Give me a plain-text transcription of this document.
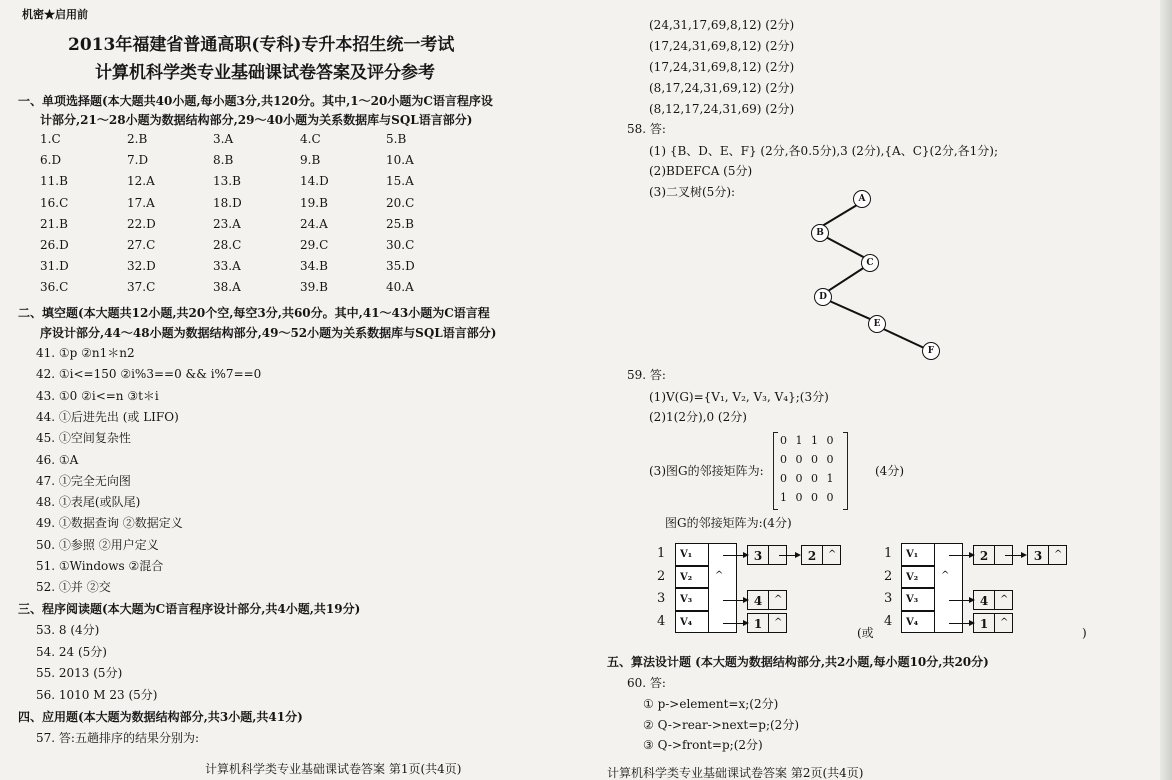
机密★启用前
2013年福建省普通高职(专科)专升本招生统一考试
计算机科学类专业基础课试卷答案及评分参考
一、单项选择题(本大题共40小题,每小题3分,共120分。其中,1～20小题为C语言程序设
计部分,21～28小题为数据结构部分,29～40小题为关系数据库与SQL语言部分)
1.C	2.B	3.A	4.C	5.B
6.D	7.D	8.B	9.B	10.A
11.B	12.A	13.B	14.D	15.A
16.C	17.A	18.D	19.B	20.C
21.B	22.D	23.A	24.A	25.B
26.D	27.C	28.C	29.C	30.C
31.D	32.D	33.A	34.B	35.D
36.C	37.C	38.A	39.B	40.A
二、填空题(本大题共12小题,共20个空,每空3分,共60分。其中,41～43小题为C语言程
序设计部分,44～48小题为数据结构部分,49～52小题为关系数据库与SQL语言部分)
41. ①p ②n1＊n2
42. ①i<=150 ②i%3==0 && i%7==0
43. ①0 ②i<=n ③t＊i
44. ①后进先出 (或 LIFO)
45. ①空间复杂性
46. ①A
47. ①完全无向图
48. ①表尾(或队尾)
49. ①数据查询 ②数据定义
50. ①参照 ②用户定义
51. ①Windows ②混合
52. ①并 ②交
三、程序阅读题(本大题为C语言程序设计部分,共4小题,共19分)
53. 8 (4分)
54. 24 (5分)
55. 2013 (5分)
56. 1010 M 23 (5分)
四、应用题(本大题为数据结构部分,共3小题,共41分)
57. 答:五趟排序的结果分别为:
计算机科学类专业基础课试卷答案 第1页(共4页)
(24,31,17,69,8,12) (2分)
(17,24,31,69,8,12) (2分)
(17,24,31,69,8,12) (2分)
(8,17,24,31,69,12) (2分)
(8,12,17,24,31,69) (2分)
58. 答:
(1) {B、D、E、F} (2分,各0.5分),3 (2分),{A、C}(2分,各1分);
(2)BDEFCA (5分)
(3)二叉树(5分):	A
B
C
D
E
F
59. 答:
(1)V(G)={V₁, V₂, V₃, V₄};(3分)
(2)1(2分),0 (2分)
(3)图G的邻接矩阵为:	(4分)
0 1 1 0
0 0 0 0
0 0 0 1
1 0 0 0
图G的邻接矩阵为:(4分)
1	V₁
2	V₂	^
3	V₃
4	V₄
3	2	^
4	^
1	^
1	V₁
2	V₂	^
3	V₃
4	V₄
2	3	^
4	^
1	^
(或	)
五、算法设计题 (本大题为数据结构部分,共2小题,每小题10分,共20分)
60. 答:
① p->element=x;(2分)
② Q->rear->next=p;(2分)
③ Q->front=p;(2分)
计算机科学类专业基础课试卷答案 第2页(共4页)
